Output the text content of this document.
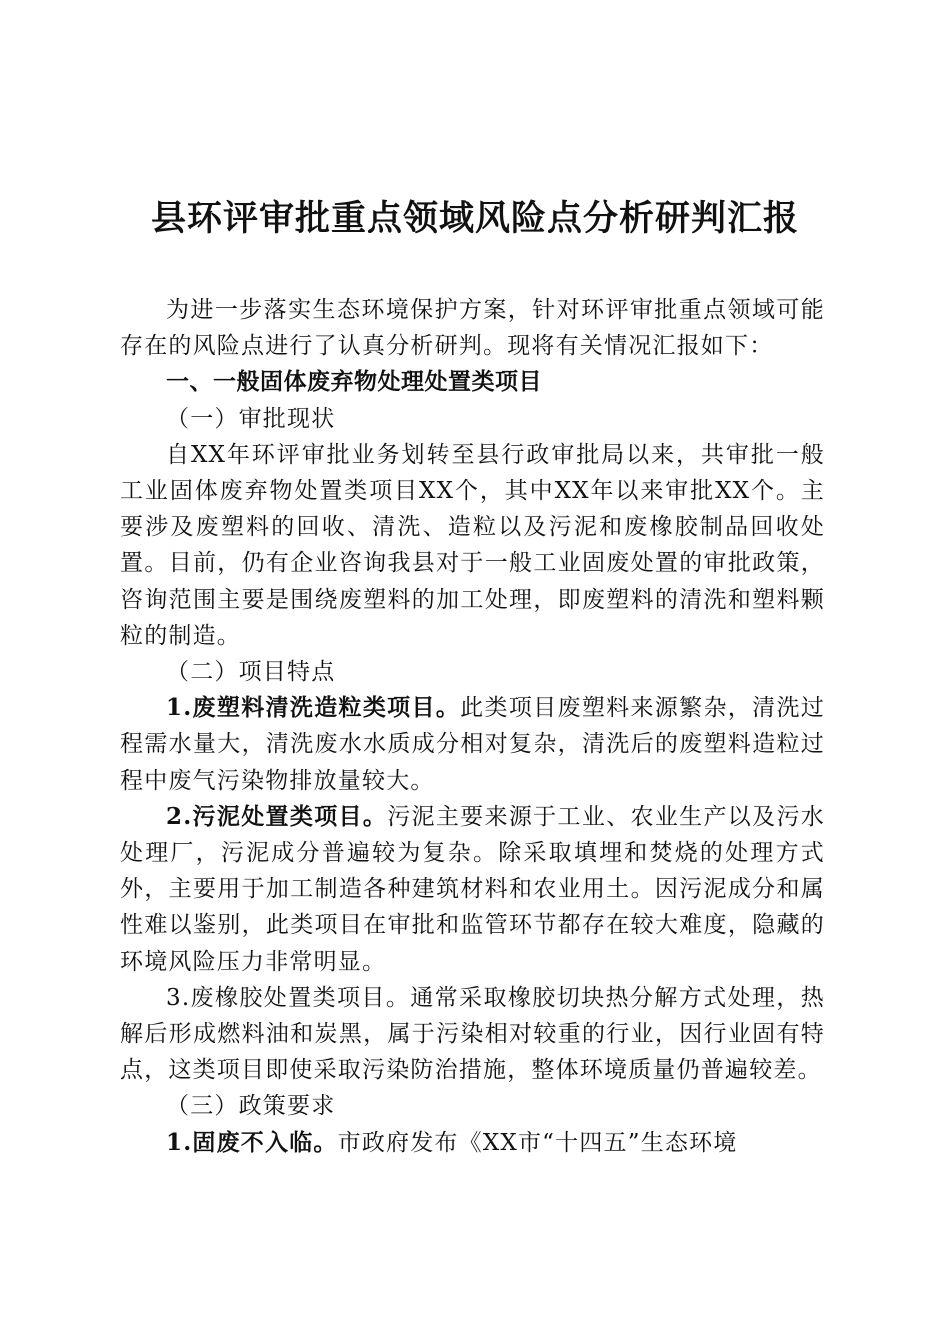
县环评审批重点领域风险点分析研判汇报

为进一步落实生态环境保护方案，针对环评审批重点领域可能存在的风险点进行了认真分析研判。现将有关情况汇报如下：

一、一般固体废弃物处理处置类项目

（一）审批现状

自XX年环评审批业务划转至县行政审批局以来，共审批一般工业固体废弃物处置类项目XX个，其中XX年以来审批XX个。主要涉及废塑料的回收、清洗、造粒以及污泥和废橡胶制品回收处置。目前，仍有企业咨询我县对于一般工业固废处置的审批政策，咨询范围主要是围绕废塑料的加工处理，即废塑料的清洗和塑料颗粒的制造。

（二）项目特点

1.废塑料清洗造粒类项目。此类项目废塑料来源繁杂，清洗过程需水量大，清洗废水水质成分相对复杂，清洗后的废塑料造粒过程中废气污染物排放量较大。

2.污泥处置类项目。污泥主要来源于工业、农业生产以及污水处理厂，污泥成分普遍较为复杂。除采取填埋和焚烧的处理方式外，主要用于加工制造各种建筑材料和农业用土。因污泥成分和属性难以鉴别，此类项目在审批和监管环节都存在较大难度，隐藏的环境风险压力非常明显。

3.废橡胶处置类项目。通常采取橡胶切块热分解方式处理，热解后形成燃料油和炭黑，属于污染相对较重的行业，因行业固有特点，这类项目即使采取污染防治措施，整体环境质量仍普遍较差。

（三）政策要求

1.固废不入临。市政府发布《XX市“十四五”生态环境
